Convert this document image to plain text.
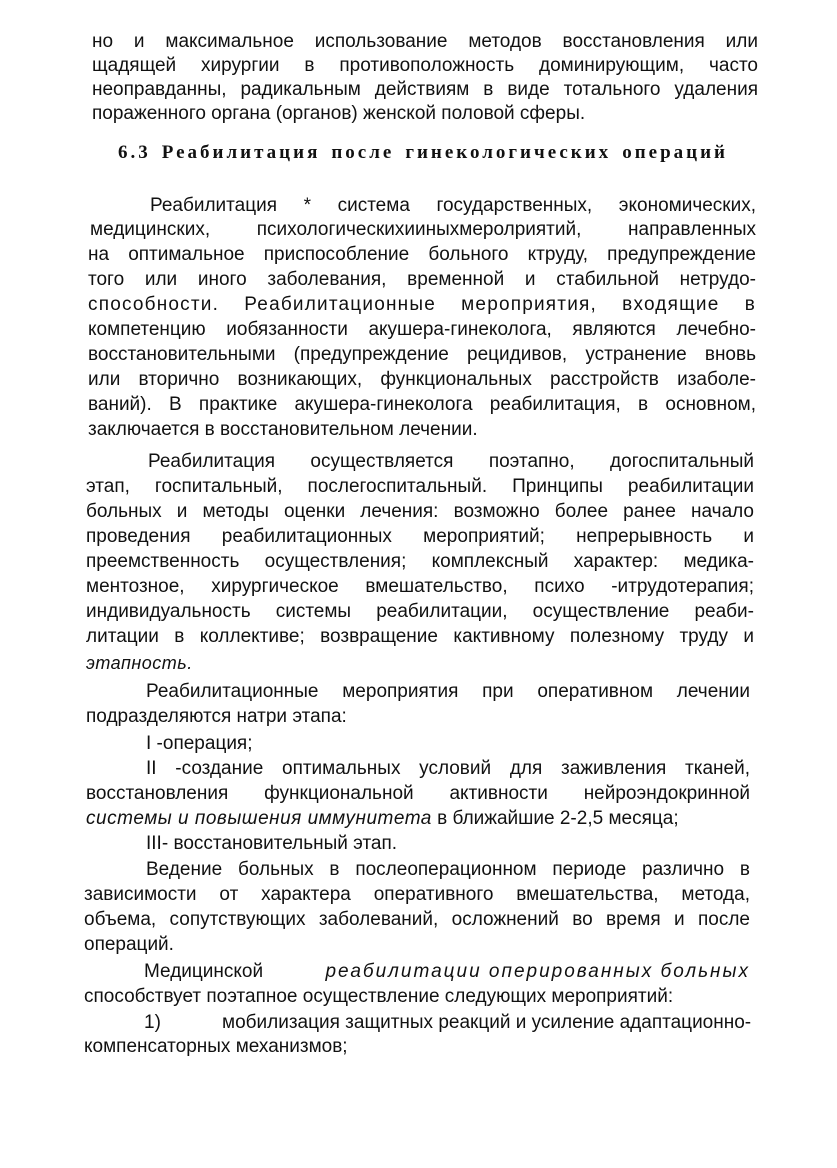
но и максимальное использование методов восстановления или
щадящей хирургии в противоположность доминирующим, часто
неоправданны, радикальным действиям в виде тотального удаления
пораженного органа (органов) женской половой сферы.
6.3 Реабилитация после гинекологических операций
Реабилитация * система государственных, экономических,
медицинских, психологическихииныхмеролриятий, направленных
на оптимальное приспособление больного ктруду, предупреждение
того или иного заболевания, временной и стабильной нетрудо-
способности. Реабилитационные мероприятия, входящие в
компетенцию иобязанности акушера-гинеколога, являются лечебно-
восстановительными (предупреждение рецидивов, устранение вновь
или вторично возникающих, функциональных расстройств изаболе-
ваний). В практике акушера-гинеколога реабилитация, в основном,
заключается в восстановительном лечении.
Реабилитация осуществляется поэтапно, догоспитальный
этап, госпитальный, послегоспитальный. Принципы реабилитации
больных и методы оценки лечения: возможно более ранее начало
проведения реабилитационных мероприятий; непрерывность и
преемственность осуществления; комплексный характер: медика-
ментозное, хирургическое вмешательство, психо -итрудотерапия;
индивидуальность системы реабилитации, осуществление реаби-
литации в коллективе; возвращение кактивному полезному труду и
этапность.
Реабилитационные мероприятия при оперативном лечении
подразделяются натри этапа:
I -операция;
II -создание оптимальных условий для заживления тканей,
восстановления функциональной активности нейроэндокринной
системы и повышения иммунитета в ближайшие 2-2,5 месяца;
III- восстановительный этап.
Ведение больных в послеоперационном периоде различно в
зависимости от характера оперативного вмешательства, метода,
объема, сопутствующих заболеваний, осложнений во время и после
операций.
Медицинской	реабилитации оперированных больных
способствует поэтапное осуществление следующих мероприятий:
1)	мобилизация защитных реакций и усиление адаптационно-
компенсаторных механизмов;
